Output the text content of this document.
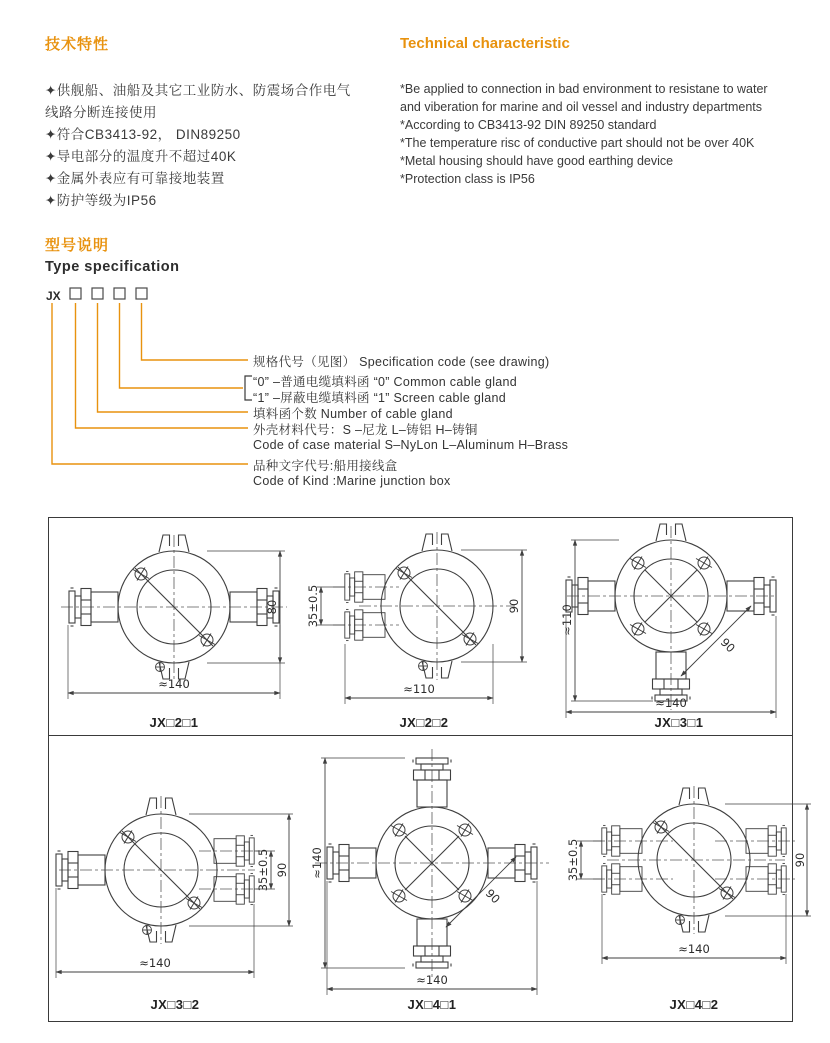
技术特性	Technical characteristic
✦供舰船、油船及其它工业防水、防震场合作电气
线路分断连接使用
✦符合CB3413-92， DIN89250
✦导电部分的温度升不超过40K
✦金属外表应有可靠接地装置
✦防护等级为IP56
*Be applied to connection in bad environment to resistane to water
and viberation for marine and oil vessel and industry departments
*According to CB3413-92 DIN 89250 standard
*The temperature risc of conductive part should not be over 40K
*Metal housing should have good earthing device
*Protection class is IP56
型号说明
Type specification
JX
规格代号（见图） Specification code (see drawing)
“0” –普通电缆填料函 “0” Common cable gland
“1” –屏蔽电缆填料函 “1” Screen cable gland
填料函个数 Number of cable gland
外壳材料代号：S –尼龙 L–铸铝 H–铸铜
Code of case material S–NyLon L–Aluminum H–Brass
品种文字代号:船用接线盒
Code of Kind :Marine junction box
≈140
80
JX□2□1
35±0.5
≈110
90
JX□2□2
≈110
≈140
90
JX□3□1
≈140
35±0.5 90
JX□3□2
≈140
≈140
90
JX□4□1
35±0.5
≈140
90
JX□4□2
